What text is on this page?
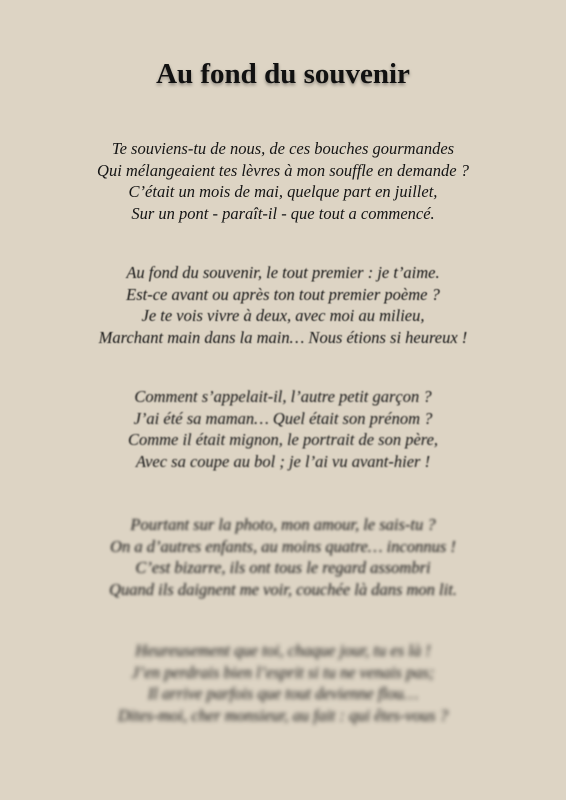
Au fond du souvenir
Te souviens-tu de nous, de ces bouches gourmandes
Qui mélangeaient tes lèvres à mon souffle en demande ?
C’était un mois de mai, quelque part en juillet,
Sur un pont - paraît-il - que tout a commencé.
Au fond du souvenir, le tout premier : je t’aime.
Est-ce avant ou après ton tout premier poème ?
Je te vois vivre à deux, avec moi au milieu,
Marchant main dans la main… Nous étions si heureux !
Comment s’appelait-il, l’autre petit garçon ?
J’ai été sa maman… Quel était son prénom ?
Comme il était mignon, le portrait de son père,
Avec sa coupe au bol ; je l’ai vu avant-hier !
Pourtant sur la photo, mon amour, le sais-tu ?
On a d’autres enfants, au moins quatre… inconnus !
C’est bizarre, ils ont tous le regard assombri
Quand ils daignent me voir, couchée là dans mon lit.
Heureusement que toi, chaque jour, tu es là !
J’en perdrais bien l’esprit si tu ne venais pas;
Il arrive parfois que tout devienne flou…
Dites-moi, cher monsieur, au fait : qui êtes-vous ?
